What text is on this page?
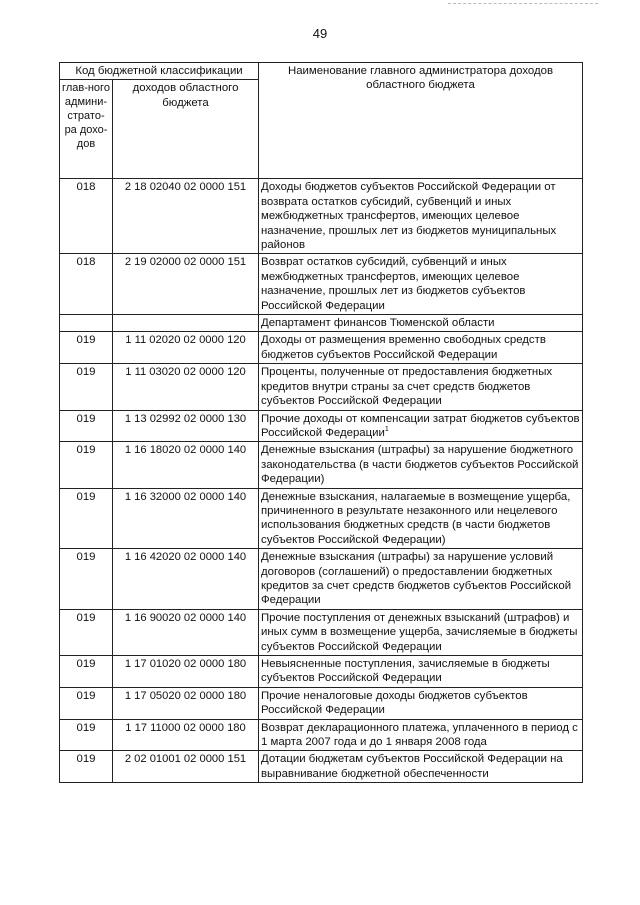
49
Код бюджетной классификации		Наименование главного администратора доходов областного бюджета
глав-ного админи-страто-ра дохо-дов	доходов областного бюджета	
018	2 18 02040 02 0000 151	Доходы бюджетов субъектов Российской Федерации от возврата остатков субсидий, субвенций и иных межбюджетных трансфертов, имеющих целевое назначение, прошлых лет из бюджетов муниципальных районов
018	2 19 02000 02 0000 151	Возврат остатков субсидий, субвенций и иных межбюджетных трансфертов, имеющих целевое назначение, прошлых лет из бюджетов субъектов Российской Федерации
		Департамент финансов Тюменской области
019	1 11 02020 02 0000 120	Доходы от размещения временно свободных средств бюджетов субъектов Российской Федерации
019	1 11 03020 02 0000 120	Проценты, полученные от предоставления бюджетных кредитов внутри страны за счет средств бюджетов субъектов Российской Федерации
019	1 13 02992 02 0000 130	Прочие доходы от компенсации затрат бюджетов субъектов Российской Федерации$^1$
019	1 16 18020 02 0000 140	Денежные взыскания (штрафы) за нарушение бюджетного законодательства (в части бюджетов субъектов Российской Федерации)
019	1 16 32000 02 0000 140	Денежные взыскания, налагаемые в возмещение ущерба, причиненного в результате незаконного или нецелевого использования бюджетных средств (в части бюджетов субъектов Российской Федерации)
019	1 16 42020 02 0000 140	Денежные взыскания (штрафы) за нарушение условий договоров (соглашений) о предоставлении бюджетных кредитов за счет средств бюджетов субъектов Российской Федерации
019	1 16 90020 02 0000 140	Прочие поступления от денежных взысканий (штрафов) и иных сумм в возмещение ущерба, зачисляемые в бюджеты субъектов Российской Федерации
019	1 17 01020 02 0000 180	Невыясненные поступления, зачисляемые в бюджеты субъектов Российской Федерации
019	1 17 05020 02 0000 180	Прочие неналоговые доходы бюджетов субъектов Российской Федерации
019	1 17 11000 02 0000 180	Возврат декларационного платежа, уплаченного в период с 1 марта 2007 года и до 1 января 2008 года
019	2 02 01001 02 0000 151	Дотации бюджетам субъектов Российской Федерации на выравнивание бюджетной обеспеченности
